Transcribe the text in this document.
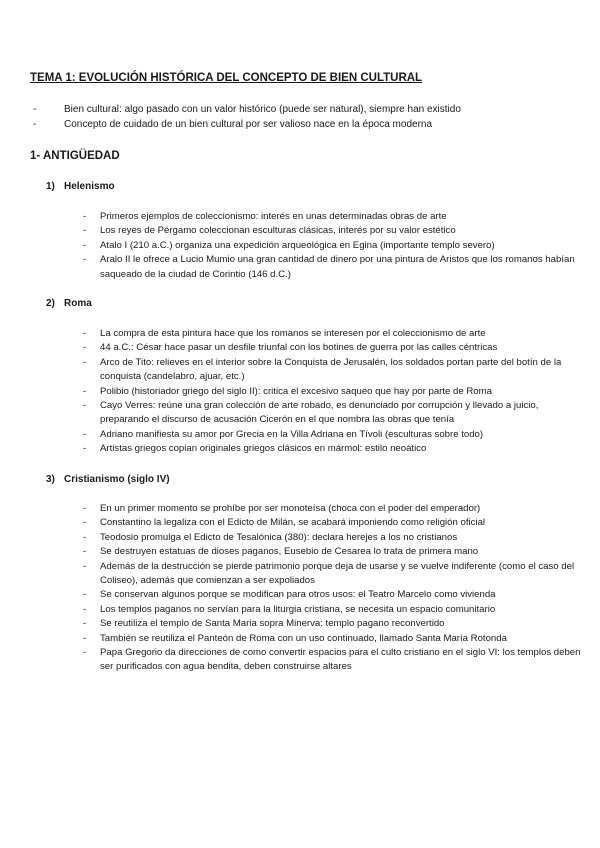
TEMA 1: EVOLUCIÓN HISTÓRICA DEL CONCEPTO DE BIEN CULTURAL
- Bien cultural: algo pasado con un valor histórico (puede ser natural), siempre han existido
- Concepto de cuidado de un bien cultural por ser valioso nace en la época moderna
1- ANTIGÜEDAD
1) Helenismo
- Primeros ejemplos de coleccionismo: interés en unas determinadas obras de arte
- Los reyes de Pérgamo coleccionan esculturas clásicas, interés por su valor estético
- Atalo I (210 a.C.) organiza una expedición arqueológica en Egina (importante templo severo)
- Aralo II le ofrece a Lucio Mumio una gran cantidad de dinero por una pintura de Aristos que los romanos habían saqueado de la ciudad de Corintio (146 d.C.)
2) Roma
- La compra de esta pintura hace que los romanos se interesen por el coleccionismo de arte
- 44 a.C.: César hace pasar un desfile triunfal con los botines de guerra por las calles céntricas
- Arco de Tito: relieves en el interior sobre la Conquista de Jerusalén, los soldados portan parte del botín de la conquista (candelabro, ajuar, etc.)
- Polibio (historiador griego del siglo II): critica el excesivo saqueo que hay por parte de Roma
- Cayo Verres: reúne una gran colección de arte robado, es denunciado por corrupción y llevado a juicio, preparando el discurso de acusación Cicerón en el que nombra las obras que tenía
- Adriano manifiesta su amor por Grecia en la Villa Adriana en Tívoli (esculturas sobre todo)
- Artistas griegos copian originales griegos clásicos en mármol: estilo neoático
3) Cristianismo (siglo IV)
- En un primer momento se prohíbe por ser monoteísa (choca con el poder del emperador)
- Constantino la legaliza con el Edicto de Milán, se acabará imponiendo como religión oficial
- Teodosio promulga el Edicto de Tesalónica (380): declara herejes a los no cristianos
- Se destruyen estatuas de dioses paganos, Eusebio de Cesarea lo trata de primera mano
- Además de la destrucción se pierde patrimonio porque deja de usarse y se vuelve indiferente (como el caso del Coliseo), además que comienzan a ser expoliados
- Se conservan algunos porque se modifican para otros usos: el Teatro Marcelo como vivienda
- Los templos paganos no servían para la liturgia cristiana, se necesita un espacio comunitario
- Se reutiliza el templo de Santa Maria sopra Minerva: templo pagano reconvertido
- También se reutiliza el Panteón de Roma con un uso continuado, llamado Santa María Rotonda
- Papa Gregorio da direcciones de como convertir espacios para el culto cristiano en el siglo VI: los templos deben ser purificados con agua bendita, deben construirse altares
